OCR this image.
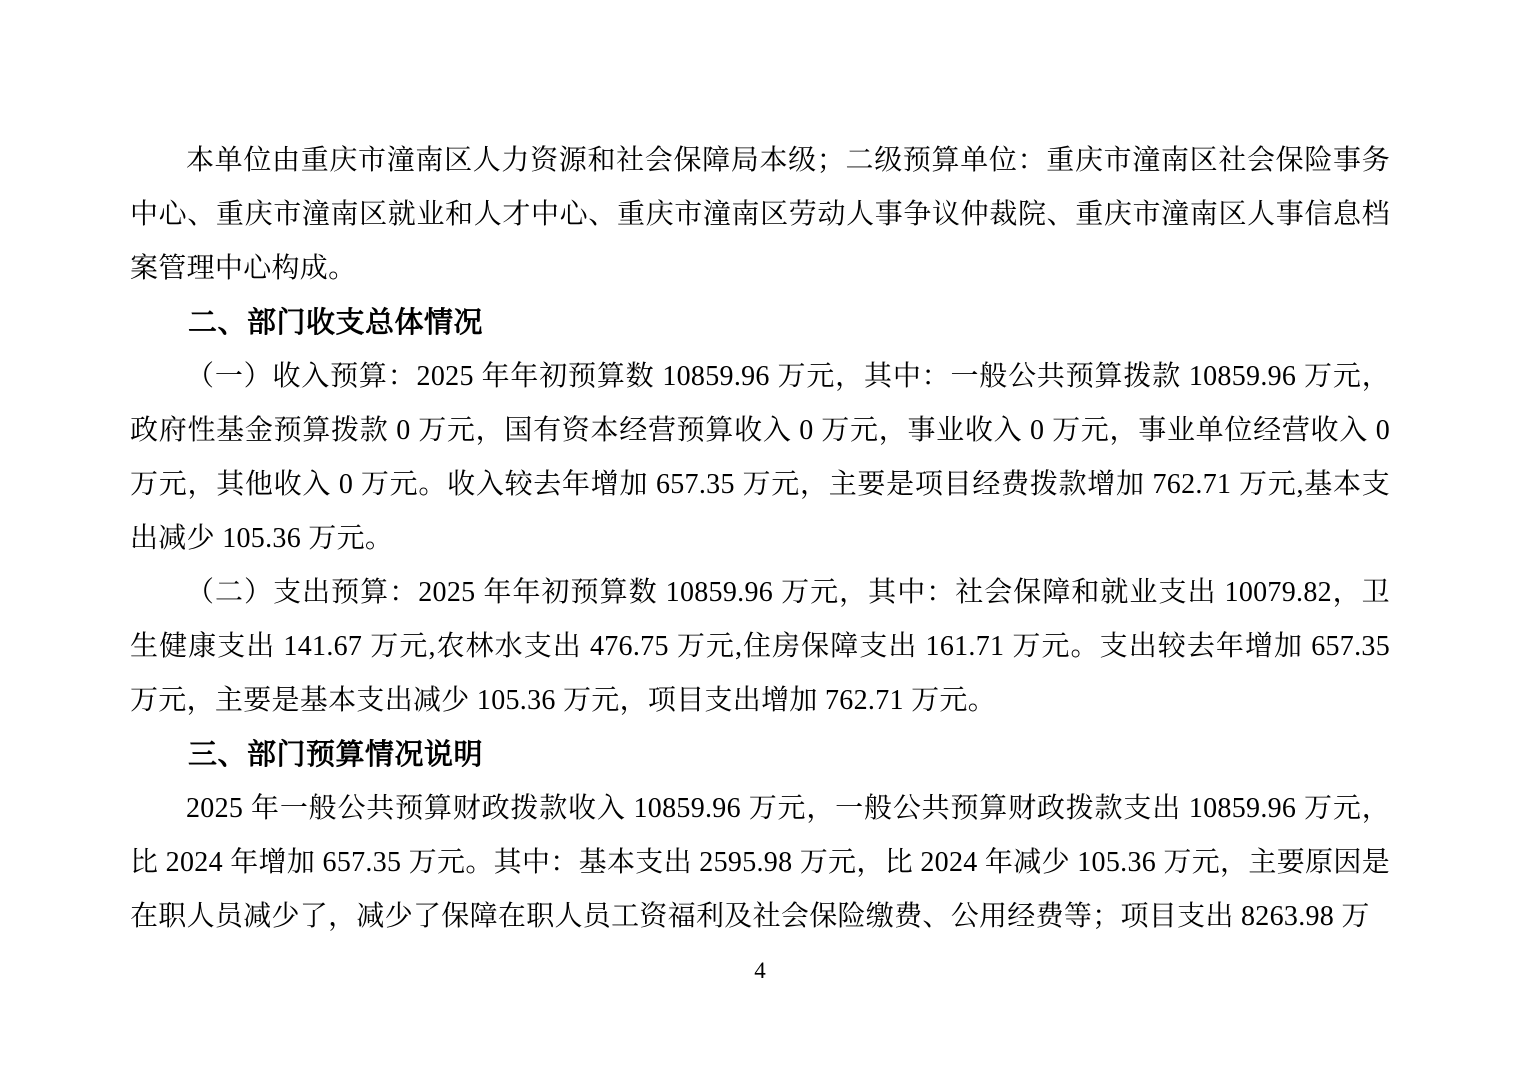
本单位由重庆市潼南区人力资源和社会保障局本级；二级预算单位：重庆市潼南区社会保险事务中心、重庆市潼南区就业和人才中心、重庆市潼南区劳动人事争议仲裁院、重庆市潼南区人事信息档案管理中心构成。

二、部门收支总体情况

（一）收入预算：2025 年年初预算数 10859.96 万元，其中：一般公共预算拨款 10859.96 万元，政府性基金预算拨款 0 万元，国有资本经营预算收入 0 万元，事业收入 0 万元，事业单位经营收入 0 万元，其他收入 0 万元。收入较去年增加 657.35 万元，主要是项目经费拨款增加 762.71 万元,基本支出减少 105.36 万元。

（二）支出预算：2025 年年初预算数 10859.96 万元，其中：社会保障和就业支出 10079.82，卫生健康支出 141.67 万元,农林水支出 476.75 万元,住房保障支出 161.71 万元。支出较去年增加 657.35 万元，主要是基本支出减少 105.36 万元，项目支出增加 762.71 万元。

三、部门预算情况说明

2025 年一般公共预算财政拨款收入 10859.96 万元，一般公共预算财政拨款支出 10859.96 万元，比 2024 年增加 657.35 万元。其中：基本支出 2595.98 万元，比 2024 年减少 105.36 万元，主要原因是在职人员减少了，减少了保障在职人员工资福利及社会保险缴费、公用经费等；项目支出 8263.98 万

4
